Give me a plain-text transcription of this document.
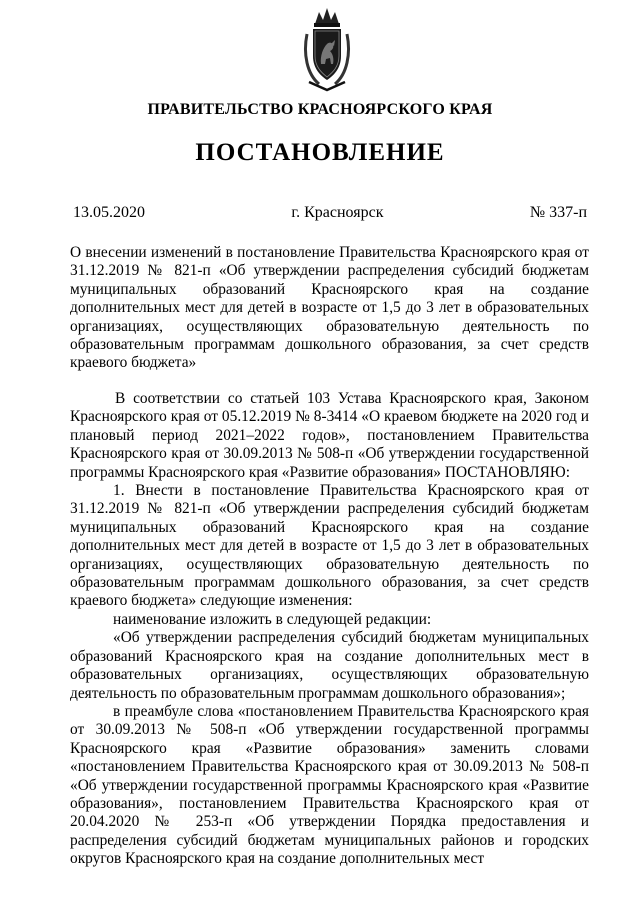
ПРАВИТЕЛЬСТВО КРАСНОЯРСКОГО КРАЯ
ПОСТАНОВЛЕНИЕ
13.05.2020	г. Красноярск	№ 337-п

О внесении изменений в постановление Правительства Красноярского края от 31.12.2019 № 821-п «Об утверждении распределения субсидий бюджетам муниципальных образований Красноярского края на создание дополнительных мест для детей в возрасте от 1,5 до 3 лет в образовательных организациях, осуществляющих образовательную деятельность по образовательным программам дошкольного образования, за счет средств краевого бюджета»

В соответствии со статьей 103 Устава Красноярского края, Законом Красноярского края от 05.12.2019 № 8-3414 «О краевом бюджете на 2020 год и плановый период 2021–2022 годов», постановлением Правительства Красноярского края от 30.09.2013 № 508-п «Об утверждении государственной программы Красноярского края «Развитие образования» ПОСТАНОВЛЯЮ:

1. Внести в постановление Правительства Красноярского края от 31.12.2019 № 821-п «Об утверждении распределения субсидий бюджетам муниципальных образований Красноярского края на создание дополнительных мест для детей в возрасте от 1,5 до 3 лет в образовательных организациях, осуществляющих образовательную деятельность по образовательным программам дошкольного образования, за счет средств краевого бюджета» следующие изменения:

наименование изложить в следующей редакции:

«Об утверждении распределения субсидий бюджетам муниципальных образований Красноярского края на создание дополнительных мест в образовательных организациях, осуществляющих образовательную деятельность по образовательным программам дошкольного образования»;

в преамбуле слова «постановлением Правительства Красноярского края от 30.09.2013 № 508-п «Об утверждении государственной программы Красноярского края «Развитие образования» заменить словами «постановлением Правительства Красноярского края от 30.09.2013 № 508-п «Об утверждении государственной программы Красноярского края «Развитие образования», постановлением Правительства Красноярского края от 20.04.2020 № 253-п «Об утверждении Порядка предоставления и распределения субсидий бюджетам муниципальных районов и городских округов Красноярского края на создание дополнительных мест
